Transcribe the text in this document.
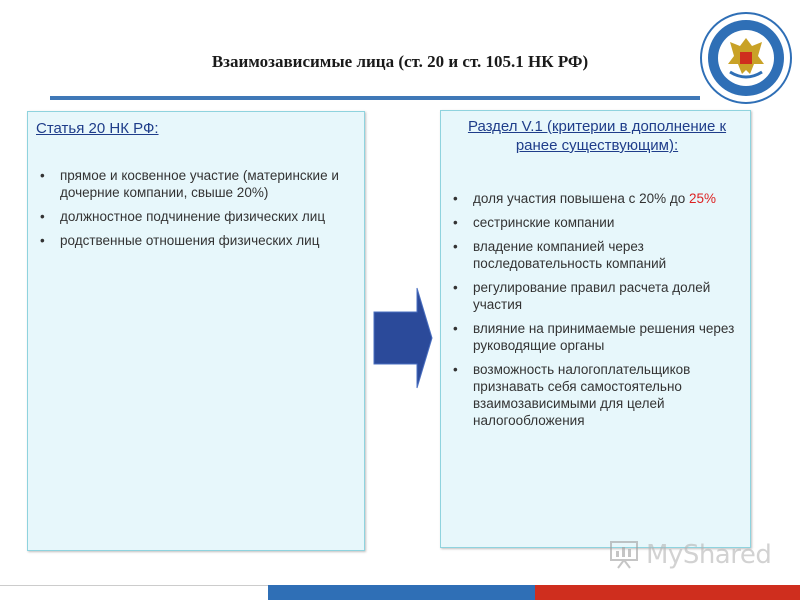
Взаимозависимые лица (ст. 20 и ст. 105.1 НК РФ)
Статья 20 НК РФ:
• прямое и косвенное участие (материнские и дочерние компании, свыше 20%)
• должностное подчинение физических лиц
• родственные отношения физических лиц
Раздел V.1 (критерии в дополнение к ранее существующим):
• доля участия повышена с 20% до 25%
• сестринские компании
• владение компанией через последовательность компаний
• регулирование правил расчета долей участия
• влияние на принимаемые решения через руководящие органы
• возможность налогоплательщиков признавать себя самостоятельно взаимозависимыми для целей налогообложения
MyShared
